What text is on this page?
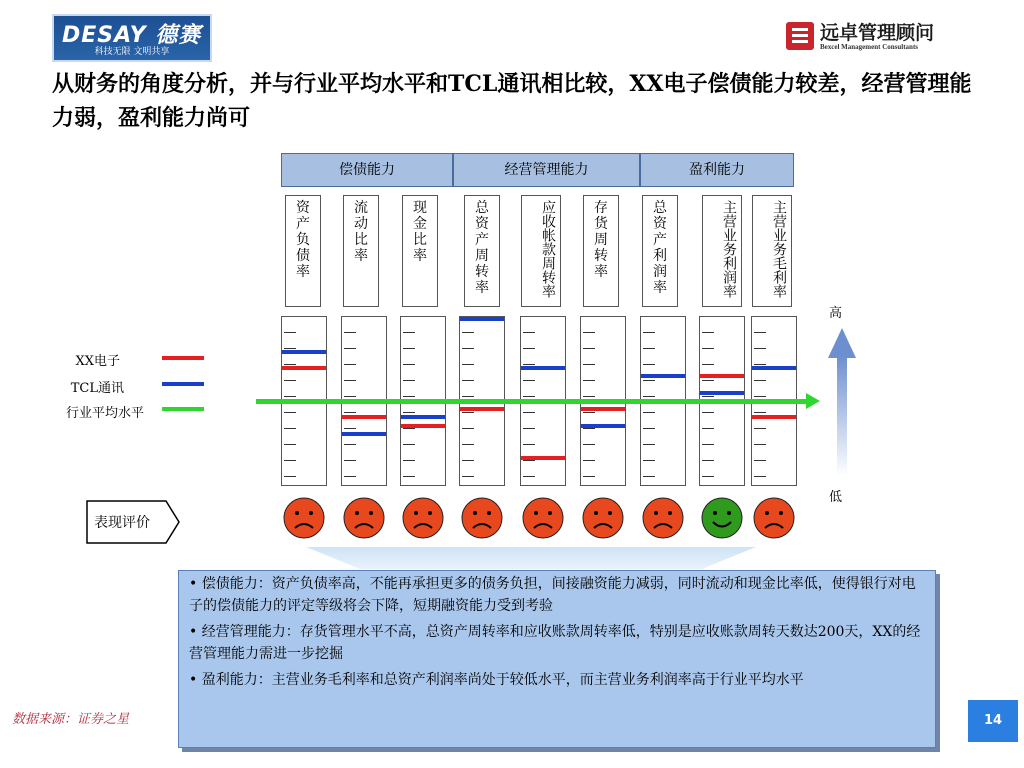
DESAY 德赛
科技无限 文明共享
远卓管理顾问
Bexcel Management Consultants
从财务的角度分析，并与行业平均水平和TCL通讯相比较，XX电子偿债能力较差，经营管理能力弱，盈利能力尚可
偿债能力	经营管理能力	盈利能力
资
产
负
债
率
流
动
比
率
现
金
比
率
总
资
产
周
转
率	应收帐款周转率	存
货
周
转
率
总
资
产
利
润
率	主营业务利润率	主营业务毛利率
XX电子
TCL通讯
行业平均水平
高
低
表现评价

• 偿债能力：资产负债率高，不能再承担更多的债务负担，间接融资能力减弱，同时流动和现金比率低，使得银行对电子的偿债能力的评定等级将会下降，短期融资能力受到考验

• 经营管理能力：存货管理水平不高，总资产周转率和应收账款周转率低，特别是应收账款周转天数达200天，XX的经营管理能力需进一步挖掘

• 盈利能力：主营业务毛利率和总资产利润率尚处于较低水平，而主营业务利润率高于行业平均水平

数据来源：证券之星	14
